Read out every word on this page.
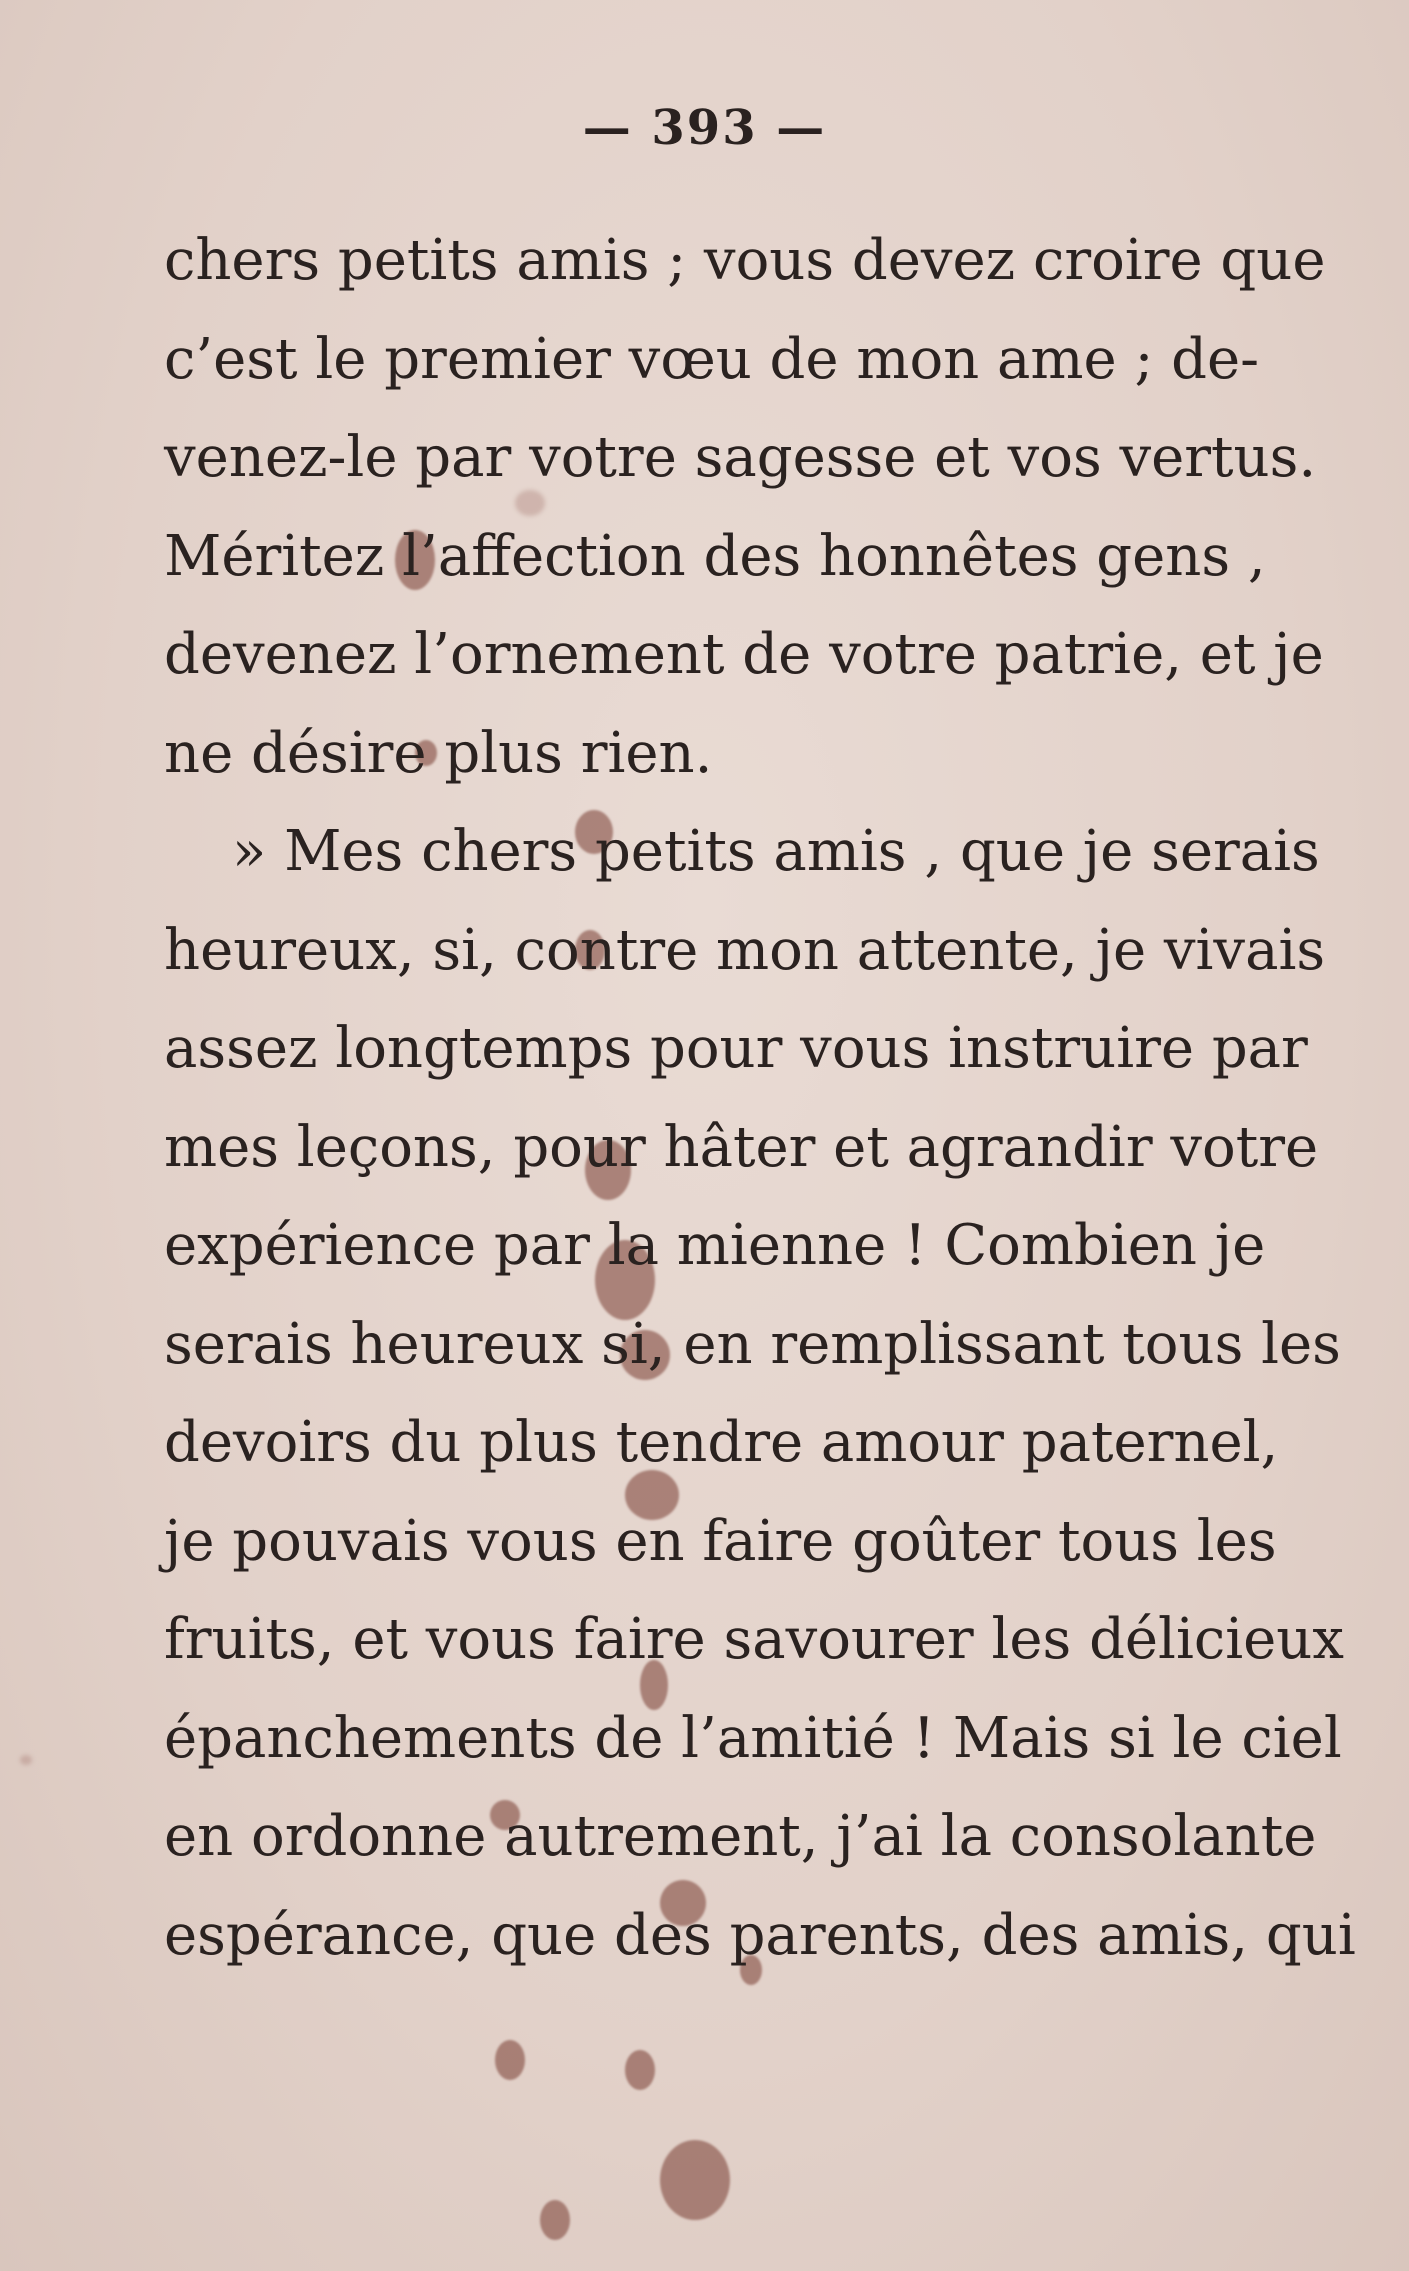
— 393 —
chers petits amis ; vous devez croire que
c’est le premier vœu de mon ame ; de-
venez-le par votre sagesse et vos vertus.
Méritez l’affection des honnêtes gens ,
devenez l’ornement de votre patrie, et je
ne désire plus rien.
» Mes chers petits amis , que je serais
heureux, si, contre mon attente, je vivais
assez longtemps pour vous instruire par
mes leçons, pour hâter et agrandir votre
expérience par la mienne ! Combien je
serais heureux si, en remplissant tous les
devoirs du plus tendre amour paternel,
je pouvais vous en faire goûter tous les
fruits, et vous faire savourer les délicieux
épanchements de l’amitié ! Mais si le ciel
en ordonne autrement, j’ai la consolante
espérance, que des parents, des amis, qui
